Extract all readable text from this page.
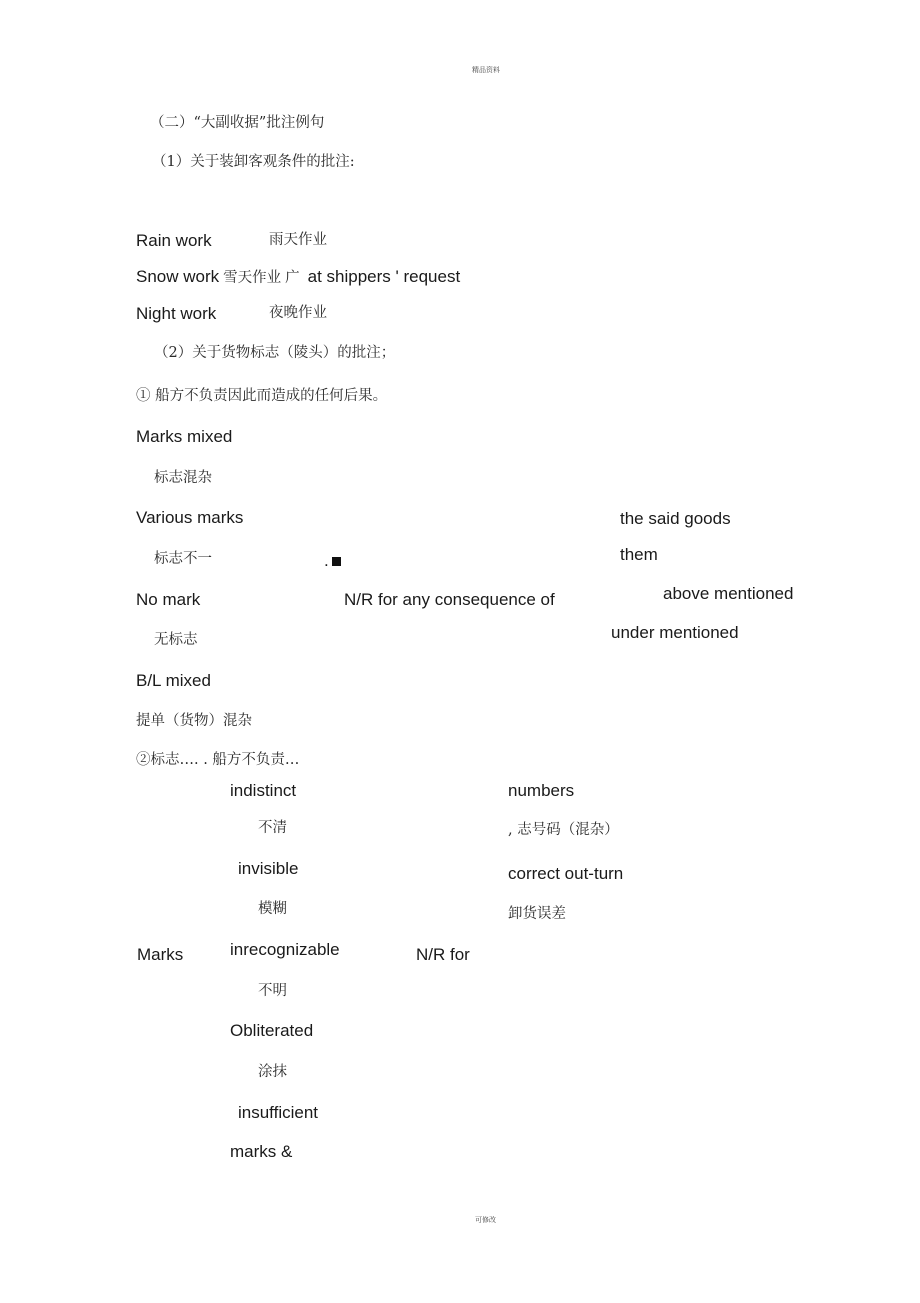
精品资料
可修改
（二）“大副收据”批注例句
（1）关于装卸客观条件的批注:
Rain work	雨天作业
Snow work 雪天作业 广 at shippers ' request
Night work	夜晚作业
（2）关于货物标志（陵头）的批注；
① 船方不负责因此而造成的任何后果。
Marks mixed
标志混杂
Various marks
标志不一	.
No mark
无标志
B/L mixed
提单（货物）混杂
N/R for any consequence of
the said goods
them
above mentioned
under mentioned
②标志…. . 船方不负责…
indistinct
不清
invisible
模糊
Marks	inrecognizable
不明
N/R for
Obliterated
涂抹
insufficient
marks &
numbers
, 志号码（混杂）
correct out-turn
卸货误差
